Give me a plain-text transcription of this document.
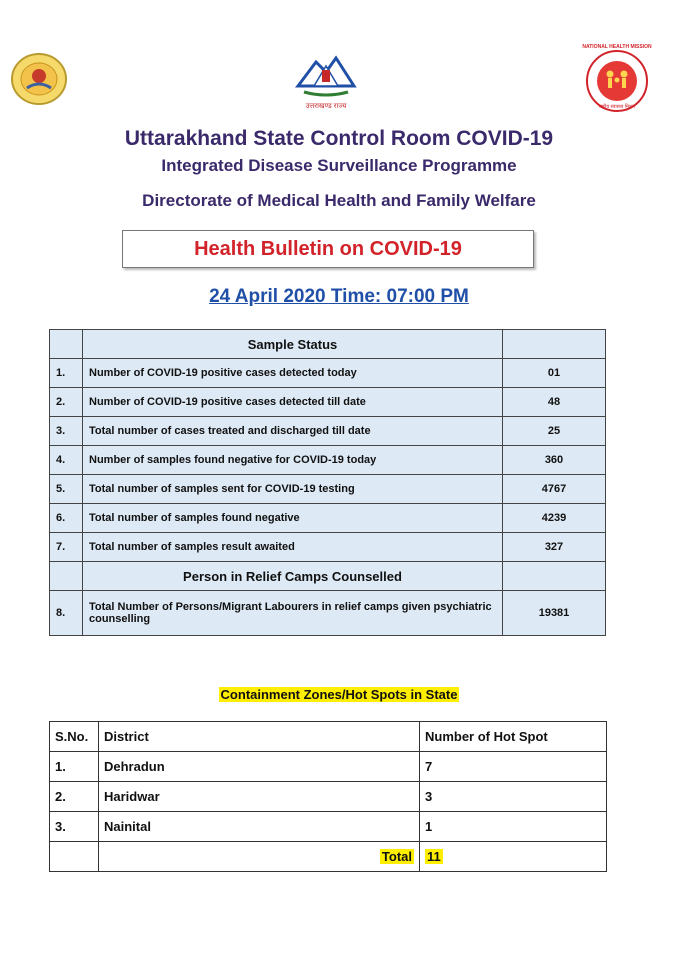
उत्तराखण्ड राज्य
NATIONAL HEALTH MISSION
राष्ट्रीय स्वास्थ्य मिशन
Uttarakhand State Control Room COVID-19
Integrated Disease Surveillance Programme
Directorate of Medical Health and Family Welfare
Health Bulletin on COVID-19
24 April 2020 Time: 07:00 PM
	Sample Status	
1.	Number of COVID-19 positive cases detected today	01
2.	Number of COVID-19 positive cases detected till date	48
3.	Total number of cases treated and discharged till date	25
4.	Number of samples found negative for COVID-19 today	360
5.	Total number of samples sent for COVID-19 testing	4767
6.	Total number of samples found negative	4239
7.	Total number of samples result awaited	327
	Person in Relief Camps Counselled	
8.	Total Number of Persons/Migrant Labourers in relief camps given psychiatric counselling	19381
Containment Zones/Hot Spots in State
S.No.	District	Number of Hot Spot
1.	Dehradun	7
2.	Haridwar	3
3.	Nainital	1
	Total	11
